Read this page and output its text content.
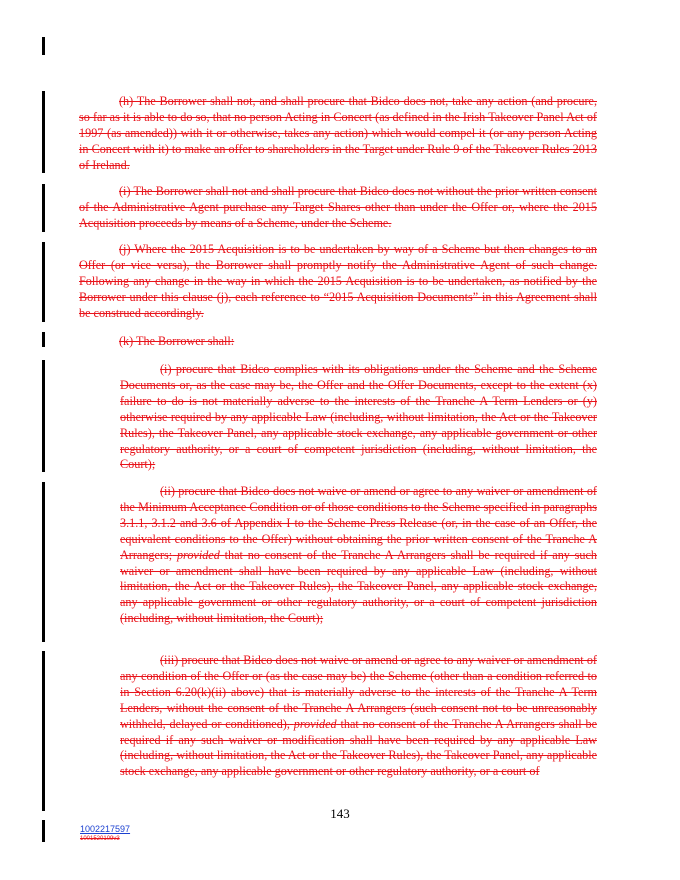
(h) The Borrower shall not, and shall procure that Bidco does not, take any action (and procure, so far as it is able to do so, that no person Acting in Concert (as defined in the Irish Takeover Panel Act of 1997 (as amended)) with it or otherwise, takes any action) which would compel it (or any person Acting in Concert with it) to make an offer to shareholders in the Target under Rule 9 of the Takeover Rules 2013 of Ireland.

(i) The Borrower shall not and shall procure that Bidco does not without the prior written consent of the Administrative Agent purchase any Target Shares other than under the Offer or, where the 2015 Acquisition proceeds by means of a Scheme, under the Scheme.

(j) Where the 2015 Acquisition is to be undertaken by way of a Scheme but then changes to an Offer (or vice versa), the Borrower shall promptly notify the Administrative Agent of such change. Following any change in the way in which the 2015 Acquisition is to be undertaken, as notified by the Borrower under this clause (j), each reference to “2015 Acquisition Documents” in this Agreement shall be construed accordingly.

(k) The Borrower shall:

(i) procure that Bidco complies with its obligations under the Scheme and the Scheme Documents or, as the case may be, the Offer and the Offer Documents, except to the extent (x) failure to do is not materially adverse to the interests of the Tranche A Term Lenders or (y) otherwise required by any applicable Law (including, without limitation, the Act or the Takeover Rules), the Takeover Panel, any applicable stock exchange, any applicable government or other regulatory authority, or a court of competent jurisdiction (including, without limitation, the Court);

(ii) procure that Bidco does not waive or amend or agree to any waiver or amendment of the Minimum Acceptance Condition or of those conditions to the Scheme specified in paragraphs 3.1.1, 3.1.2 and 3.6 of Appendix I to the Scheme Press Release (or, in the case of an Offer, the equivalent conditions to the Offer) without obtaining the prior written consent of the Tranche A Arrangers; provided that no consent of the Tranche A Arrangers shall be required if any such waiver or amendment shall have been required by any applicable Law (including, without limitation, the Act or the Takeover Rules), the Takeover Panel, any applicable stock exchange, any applicable government or other regulatory authority, or a court of competent jurisdiction (including, without limitation, the Court);

(iii) procure that Bidco does not waive or amend or agree to any waiver or amendment of any condition of the Offer or (as the case may be) the Scheme (other than a condition referred to in Section 6.20(k)(ii) above) that is materially adverse to the interests of the Tranche A Term Lenders, without the consent of the Tranche A Arrangers (such consent not to be unreasonably withheld, delayed or conditioned), provided that no consent of the Tranche A Arrangers shall be required if any such waiver or modification shall have been required by any applicable Law (including, without limitation, the Act or the Takeover Rules), the Takeover Panel, any applicable stock exchange, any applicable government or other regulatory authority, or a court of

143
1002217597
1001520109v3
